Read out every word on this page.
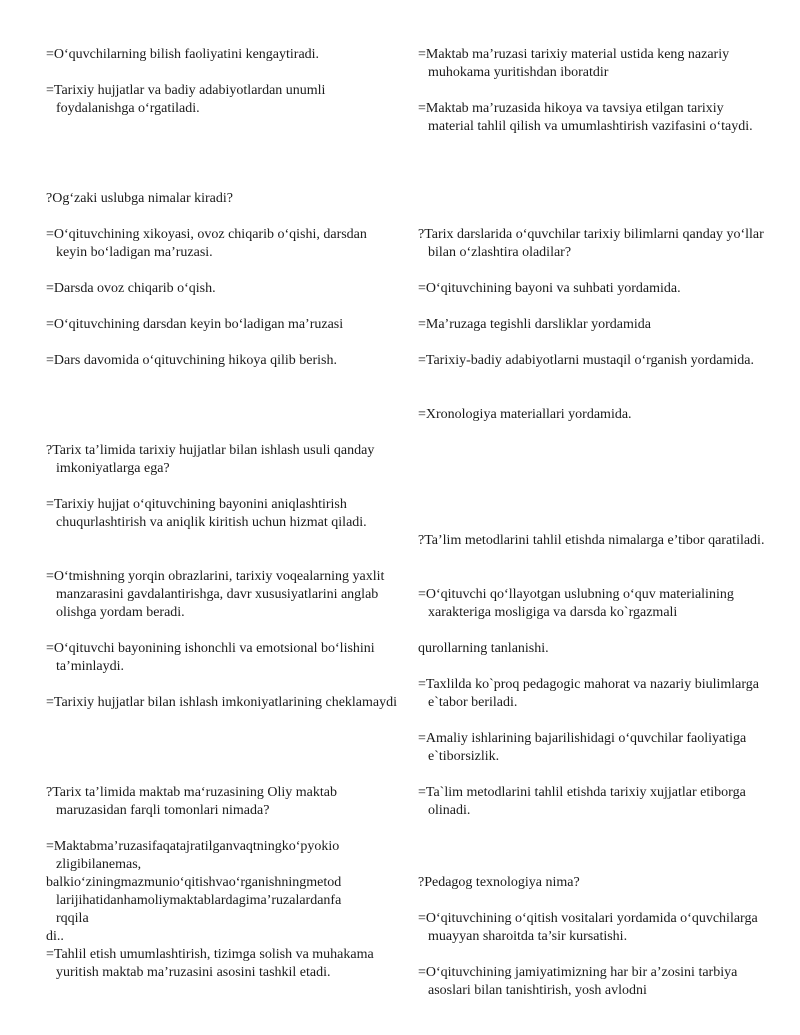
=O‘quvchilarning bilish faoliyatini kengaytiradi.

=Tarixiy hujjatlar va badiy adabiyotlardan unumli foydalanishga o‘rgatiladi.

?Og‘zaki uslubga nimalar kiradi?

=O‘qituvchining xikoyasi, ovoz chiqarib o‘qishi, darsdan keyin bo‘ladigan ma’ruzasi.

=Darsda ovoz chiqarib o‘qish.

=O‘qituvchining darsdan keyin bo‘ladigan ma’ruzasi

=Dars davomida o‘qituvchining hikoya qilib berish.

?Tarix ta’limida tarixiy hujjatlar bilan ishlash usuli qanday imkoniyatlarga ega?

=Tarixiy hujjat o‘qituvchining bayonini aniqlashtirish chuqurlashtirish va aniqlik kiritish uchun hizmat qiladi.

=O‘tmishning yorqin obrazlarini, tarixiy voqealarning yaxlit manzarasini gavdalantirishga, davr xususiyatlarini anglab olishga yordam beradi.

=O‘qituvchi bayonining ishonchli va emotsional bo‘lishini ta’minlaydi.

=Tarixiy hujjatlar bilan ishlash imkoniyatlarining cheklamaydi

?Tarix ta’limida maktab ma‘ruzasining Oliy maktab maruzasidan farqli tomonlari nimada?

=Maktabma’ruzasifaqatajratilganvaqtningko‘pyokio

zligibilanemas,

balkio‘ziningmazmunio‘qitishvao‘rganishningmetod

larijihatidanhamoliymaktablardagima’ruzalardanfa

rqqila

di..

=Tahlil etish umumlashtirish, tizimga solish va muhakama yuritish maktab ma’ruzasini asosini tashkil etadi.

=Maktab ma’ruzasi tarixiy material ustida keng nazariy muhokama yuritishdan iboratdir

=Maktab ma’ruzasida hikoya va tavsiya etilgan tarixiy material tahlil qilish va umumlashtirish vazifasini o‘taydi.

?Tarix darslarida o‘quvchilar tarixiy bilimlarni qanday yo‘llar bilan o‘zlashtira oladilar?

=O‘qituvchining bayoni va suhbati yordamida.

=Ma’ruzaga tegishli darsliklar yordamida

=Tarixiy-badiy adabiyotlarni mustaqil o‘rganish yordamida.

=Xronologiya materiallari yordamida.

?Ta’lim metodlarini tahlil etishda nimalarga e’tibor qaratiladi.

=O‘qituvchi qo‘llayotgan uslubning o‘quv materialining xarakteriga mosligiga va darsda ko`rgazmali

qurollarning tanlanishi.

=Taxlilda ko`proq pedagogic mahorat va nazariy biulimlarga e`tabor beriladi.

=Amaliy ishlarining bajarilishidagi o‘quvchilar faoliyatiga e`tiborsizlik.

=Ta`lim metodlarini tahlil etishda tarixiy xujjatlar etiborga olinadi.

?Pedagog texnologiya nima?

=O‘qituvchining o‘qitish vositalari yordamida o‘quvchilarga muayyan sharoitda ta’sir kursatishi.

=O‘qituvchining jamiyatimizning har bir a’zosini tarbiya asoslari bilan tanishtirish, yosh avlodni
